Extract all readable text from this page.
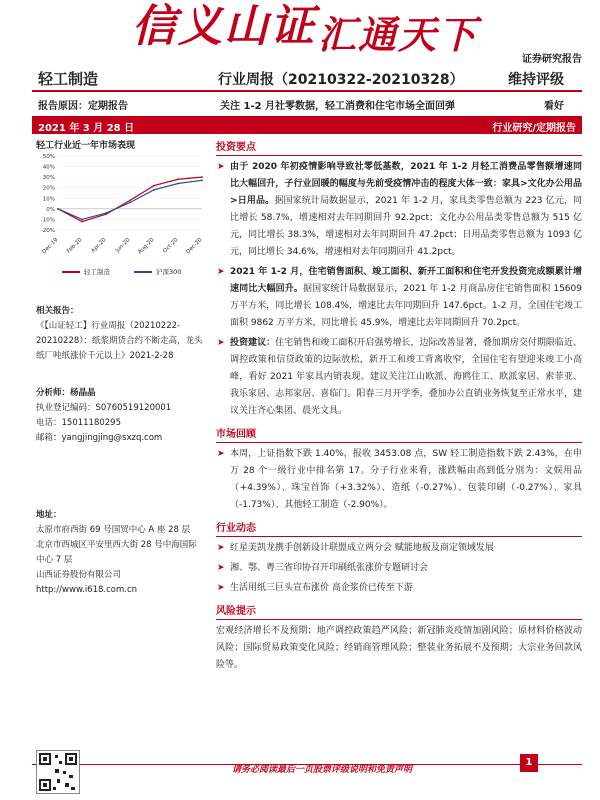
信义山证 汇通天下
证券研究报告
轻工制造	行业周报（20210322-20210328）	维持评级
报告原因：定期报告	关注 1-2 月社零数据，轻工消费和住宅市场全面回弹	看好
2021 年 3 月 28 日	行业研究/定期报告
轻工行业近一年市场表现
50%
40%
30%
20%
10%
0%
-10%
-20%
Dec-19 Feb-20 Apr-20 Jun-20 Aug-20 Oct-20 Dec-20
轻工制造	沪深300

相关报告：

《【山证轻工】行业周报（20210222-20210228）：纸浆期货合约不断走高，龙头纸厂吨纸涨价千元以上》2021-2-28

分析师：杨晶晶

执业登记编码：S0760519120001

电话：15011180295

邮箱：yangjingjing@sxzq.com

地址：

太原市府西街 69 号国贸中心 A 座 28 层

北京市西城区平安里西大街 28 号中海国际中心 7 层

山西证券股份有限公司

http://www.i618.com.cn

投资要点
➤ 由于 2020 年初疫情影响导致社零低基数，2021 年 1-2 月轻工消费品零售额增速同比大幅回升，子行业回暖的幅度与先前受疫情冲击的程度大体一致：家具>文化办公用品>日用品。据国家统计局数据显示，2021 年 1-2 月，家具类零售总额为 223 亿元，同比增长 58.7%，增速相对去年同期回升 92.2pct；文化办公用品类零售总额为 515 亿元，同比增长 38.3%，增速相对去年同期回升 47.2pct；日用品类零售总额为 1093 亿元，同比增长 34.6%，增速相对去年同期回升 41.2pct。
➤ 2021 年 1-2 月，住宅销售面积、竣工面积、新开工面积和住宅开发投资完成额累计增速同比大幅回升。据国家统计局数据显示，2021 年 1-2 月商品房住宅销售面积 15609 万平方米，同比增长 108.4%，增速比去年同期回升 147.6pct。1-2 月，全国住宅竣工面积 9862 万平方米，同比增长 45.9%，增速比去年同期回升 70.2pct。
➤ 投资建议：住宅销售和竣工面积开启强势增长，边际改善显著，叠加期房交付期限临近、调控政策和信贷政策的边际放松，新开工和竣工背离收窄，全国住宅有望迎来竣工小高峰，看好 2021 年家具内销表现。建议关注江山欧派、海鸥住工、欧派家居、索菲亚、我乐家居、志邦家居、喜临门。阳春三月开学季，叠加办公直销业务恢复至正常水平，建议关注齐心集团、晨光文具。
市场回顾
➤ 本周，上证指数下跌 1.40%，报收 3453.08 点，SW 轻工制造指数下跌 2.43%，在申万 28 个一级行业中排名第 17。分子行业来看，涨跌幅由高到低分别为：文娱用品（+4.39%）、珠宝首饰（+3.32%）、造纸（-0.27%）、包装印刷（-0.27%）、家具（-1.73%）、其他轻工制造（-2.90%）。
行业动态
➤ 红星美凯龙携手创新设计联盟成立两分会 赋能地板及商定领域发展
➤ 湘、鄂、粤三省印协召开印刷纸张涨价专题研讨会
➤ 生活用纸三巨头宣布涨价 高企浆价已传至下游
风险提示
宏观经济增长不及预期；地产调控政策趋严风险；新冠肺炎疫情加剧风险；原材料价格波动风险；国际贸易政策变化风险；经销商管理风险；整装业务拓展不及预期；大宗业务回款风险等。
请务必阅读最后一页股票评级说明和免责声明
1
